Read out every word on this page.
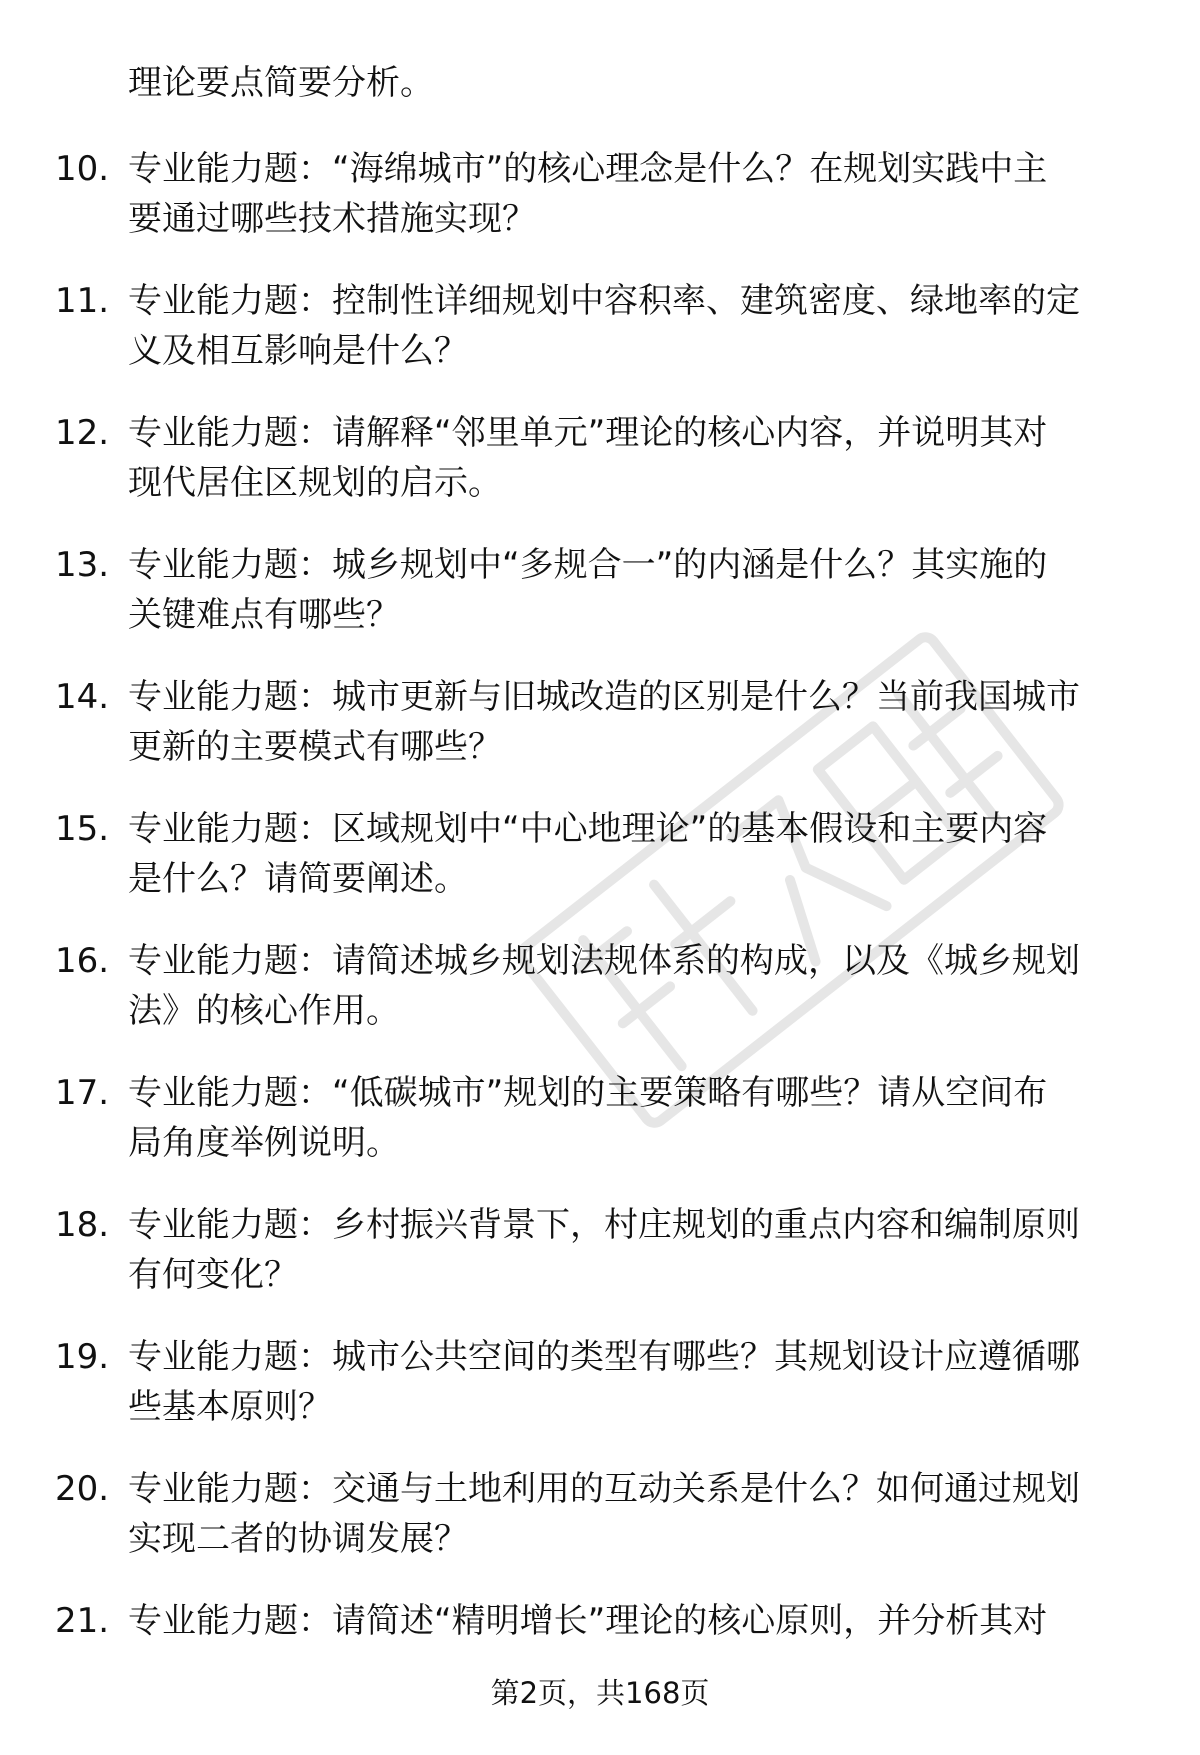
理论要点简要分析。
10. 专业能力题：“海绵城市”的核心理念是什么？在规划实践中主
要通过哪些技术措施实现？
11. 专业能力题：控制性详细规划中容积率、建筑密度、绿地率的定
义及相互影响是什么？
12. 专业能力题：请解释“邻里单元”理论的核心内容，并说明其对
现代居住区规划的启示。
13. 专业能力题：城乡规划中“多规合一”的内涵是什么？其实施的
关键难点有哪些？
14. 专业能力题：城市更新与旧城改造的区别是什么？当前我国城市
更新的主要模式有哪些？
15. 专业能力题：区域规划中“中心地理论”的基本假设和主要内容
是什么？请简要阐述。
16. 专业能力题：请简述城乡规划法规体系的构成，以及《城乡规划
法》的核心作用。
17. 专业能力题：“低碳城市”规划的主要策略有哪些？请从空间布
局角度举例说明。
18. 专业能力题：乡村振兴背景下，村庄规划的重点内容和编制原则
有何变化？
19. 专业能力题：城市公共空间的类型有哪些？其规划设计应遵循哪
些基本原则？
20. 专业能力题：交通与土地利用的互动关系是什么？如何通过规划
实现二者的协调发展？
21. 专业能力题：请简述“精明增长”理论的核心原则，并分析其对
第2页，共168页
